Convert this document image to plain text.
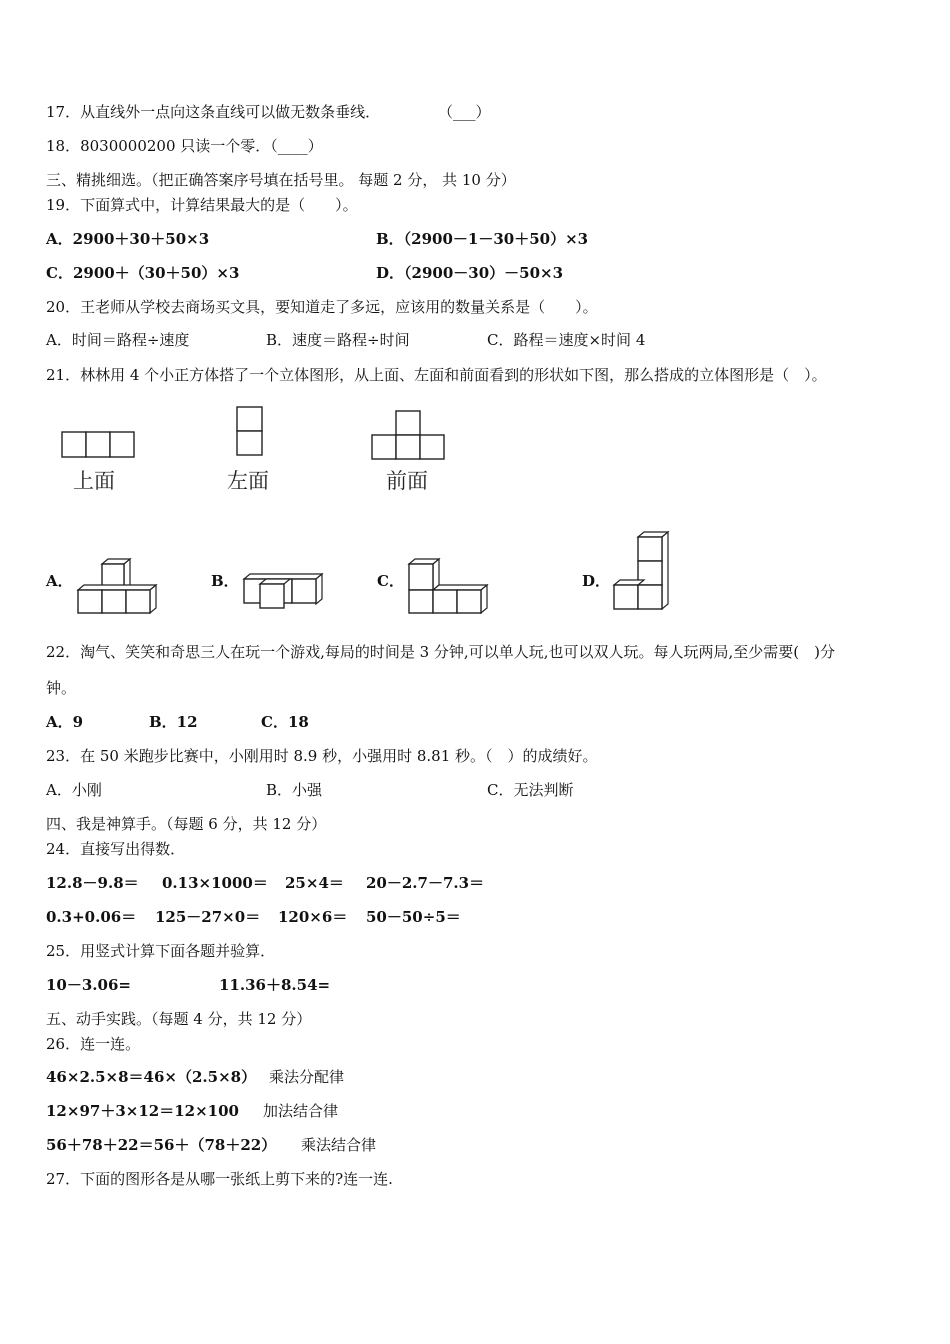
17．从直线外一点向这条直线可以做无数条垂线．	（___）
18．8030000200 只读一个零．（____）
三、精挑细选。（把正确答案序号填在括号里。 每题 2 分， 共 10 分）
19．下面算式中，计算结果最大的是（　　）。
A．2900＋30＋50×3	B．（2900－1－30＋50）×3
C．2900＋（30＋50）×3	D．（2900－30）－50×3
20．王老师从学校去商场买文具，要知道走了多远，应该用的数量关系是（　　）。
A．时间＝路程÷速度	B．速度＝路程÷时间	C．路程＝速度×时间 4
21．林林用 4 个小正方体搭了一个立体图形，从上面、左面和前面看到的形状如下图，那么搭成的立体图形是（　）。
上面	左面	前面
A．	B．	C．	D．
22．淘气、笑笑和奇思三人在玩一个游戏,每局的时间是 3 分钟,可以单人玩,也可以双人玩。每人玩两局,至少需要(　)分
钟。
A．9	B．12	C．18
23．在 50 米跑步比赛中，小刚用时 8.9 秒，小强用时 8.81 秒。（　）的成绩好。
A．小刚	B．小强	C．无法判断
四、我是神算手。（每题 6 分，共 12 分）
24．直接写出得数．
12.8－9.8＝ 0.13×1000＝ 25×4＝ 20－2.7－7.3＝
0.3+0.06＝ 125－27×0＝ 120×6＝ 50－50÷5＝
25．用竖式计算下面各题并验算．
10－3.06=	11.36＋8.54=
五、动手实践。（每题 4 分，共 12 分）
26．连一连。
46×2.5×8＝46×（2.5×8） 乘法分配律
12×97＋3×12＝12×100 加法结合律
56＋78＋22＝56＋（78＋22） 乘法结合律
27．下面的图形各是从哪一张纸上剪下来的?连一连.
